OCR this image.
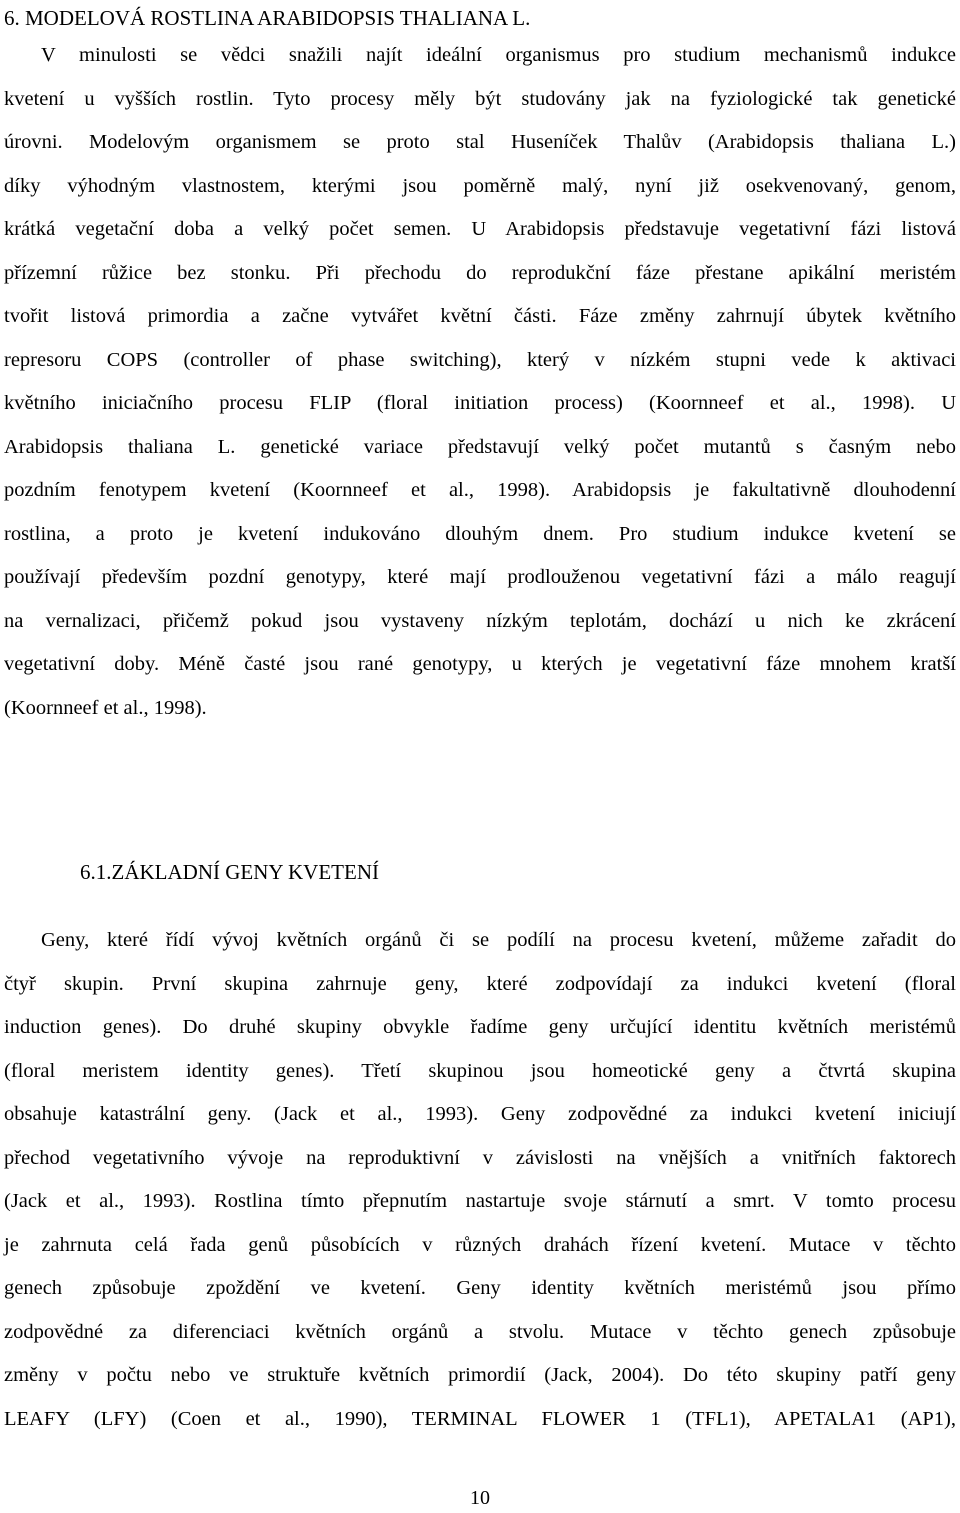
6. MODELOVÁ ROSTLINA ARABIDOPSIS THALIANA L.
V minulosti se vědci snažili najít ideální organismus pro studium mechanismů indukce
kvetení u vyšších rostlin. Tyto procesy měly být studovány jak na fyziologické tak genetické
úrovni. Modelovým organismem se proto stal Huseníček Thalův (Arabidopsis thaliana L.)
díky výhodným vlastnostem, kterými jsou poměrně malý, nyní již osekvenovaný, genom,
krátká vegetační doba a velký počet semen. U Arabidopsis představuje vegetativní fázi listová
přízemní růžice bez stonku. Při přechodu do reprodukční fáze přestane apikální meristém
tvořit listová primordia a začne vytvářet květní části. Fáze změny zahrnují úbytek květního
represoru COPS (controller of phase switching), který v nízkém stupni vede k aktivaci
květního iniciačního procesu FLIP (floral initiation process) (Koornneef et al., 1998). U
Arabidopsis thaliana L. genetické variace představují velký počet mutantů s časným nebo
pozdním fenotypem kvetení (Koornneef et al., 1998). Arabidopsis je fakultativně dlouhodenní
rostlina, a proto je kvetení indukováno dlouhým dnem. Pro studium indukce kvetení se
používají především pozdní genotypy, které mají prodlouženou vegetativní fázi a málo reagují
na vernalizaci, přičemž pokud jsou vystaveny nízkým teplotám, dochází u nich ke zkrácení
vegetativní doby. Méně časté jsou rané genotypy, u kterých je vegetativní fáze mnohem kratší
(Koornneef et al., 1998).
6.1.ZÁKLADNÍ GENY KVETENÍ
Geny, které řídí vývoj květních orgánů či se podílí na procesu kvetení, můžeme zařadit do
čtyř skupin. První skupina zahrnuje geny, které zodpovídají za indukci kvetení (floral
induction genes). Do druhé skupiny obvykle řadíme geny určující identitu květních meristémů
(floral meristem identity genes). Třetí skupinou jsou homeotické geny a čtvrtá skupina
obsahuje katastrální geny. (Jack et al., 1993). Geny zodpovědné za indukci kvetení iniciují
přechod vegetativního vývoje na reproduktivní v závislosti na vnějších a vnitřních faktorech
(Jack et al., 1993). Rostlina tímto přepnutím nastartuje svoje stárnutí a smrt. V tomto procesu
je zahrnuta celá řada genů působících v různých drahách řízení kvetení. Mutace v těchto
genech způsobuje zpoždění ve kvetení. Geny identity květních meristémů jsou přímo
zodpovědné za diferenciaci květních orgánů a stvolu. Mutace v těchto genech způsobuje
změny v počtu nebo ve struktuře květních primordií (Jack, 2004). Do této skupiny patří geny
LEAFY (LFY) (Coen et al., 1990), TERMINAL FLOWER 1 (TFL1), APETALA1 (AP1),
10
